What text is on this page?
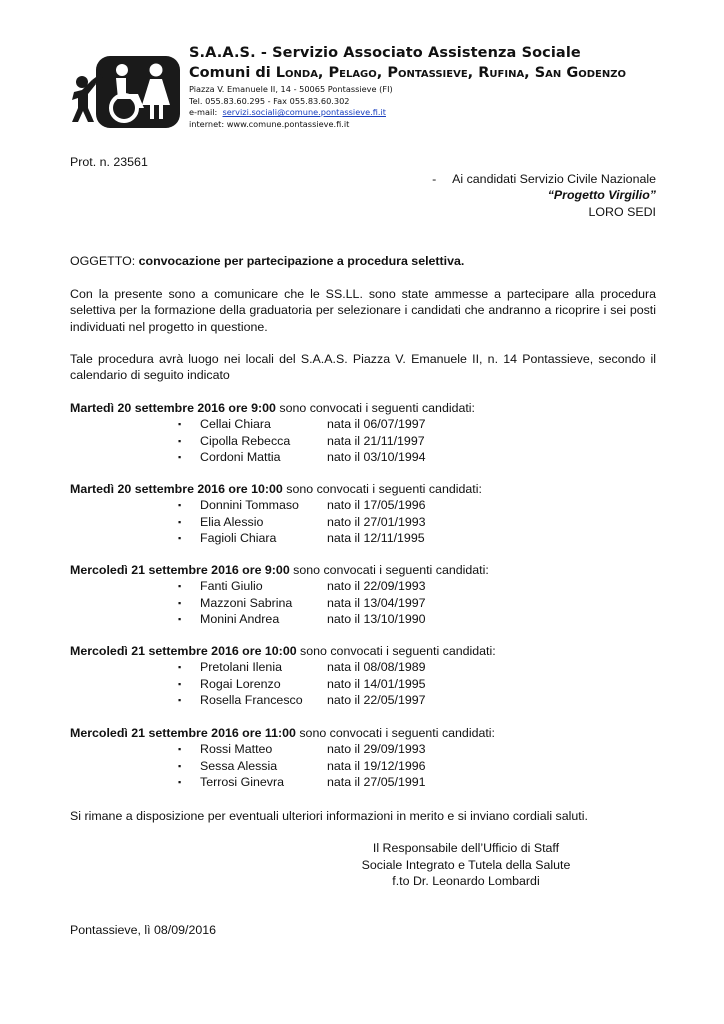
S.A.A.S. - Servizio Associato Assistenza Sociale
Comuni di Londa, Pelago, Pontassieve, Rufina, San Godenzo
Piazza V. Emanuele II, 14 - 50065 Pontassieve (FI)
Tel. 055.83.60.295 - Fax 055.83.60.302
e-mail:  servizi.sociali@comune.pontassieve.fi.it
internet: www.comune.pontassieve.fi.it
Prot. n. 23561
- Ai candidati Servizio Civile Nazionale
“Progetto Virgilio”
LORO SEDI
OGGETTO: convocazione per partecipazione a procedura selettiva.
Con la presente sono a comunicare che le SS.LL. sono state ammesse a partecipare alla procedura selettiva per la formazione della graduatoria per selezionare i candidati che andranno a ricoprire i sei posti individuati nel progetto in questione.
Tale procedura avrà luogo nei locali del S.A.A.S. Piazza V. Emanuele II, n. 14 Pontassieve, secondo il calendario di seguito indicato
Martedì 20 settembre 2016 ore 9:00 sono convocati i seguenti candidati:
▪ Cellai Chiara	nata il 06/07/1997
▪ Cipolla Rebecca	nata il 21/11/1997
▪ Cordoni Mattia	nato il 03/10/1994
Martedì 20 settembre 2016 ore 10:00 sono convocati i seguenti candidati:
▪ Donnini Tommaso nato il 17/05/1996
▪ Elia Alessio	nato il 27/01/1993
▪ Fagioli Chiara	nata il 12/11/1995
Mercoledì 21 settembre 2016 ore 9:00 sono convocati i seguenti candidati:
▪ Fanti Giulio	nato il 22/09/1993
▪ Mazzoni Sabrina	nata il 13/04/1997
▪ Monini Andrea	nato il 13/10/1990
Mercoledì 21 settembre 2016 ore 10:00 sono convocati i seguenti candidati:
▪ Pretolani Ilenia	nata il 08/08/1989
▪ Rogai Lorenzo	nato il 14/01/1995
▪ Rosella Francesco nato il 22/05/1997
Mercoledì 21 settembre 2016 ore 11:00 sono convocati i seguenti candidati:
▪ Rossi Matteo	nato il 29/09/1993
▪ Sessa Alessia	nata il 19/12/1996
▪ Terrosi Ginevra	nata il 27/05/1991
Si rimane a disposizione per eventuali ulteriori informazioni in merito e si inviano cordiali saluti.
Il Responsabile dell’Ufficio di Staff
Sociale Integrato e Tutela della Salute
f.to Dr. Leonardo Lombardi
Pontassieve, lì 08/09/2016
